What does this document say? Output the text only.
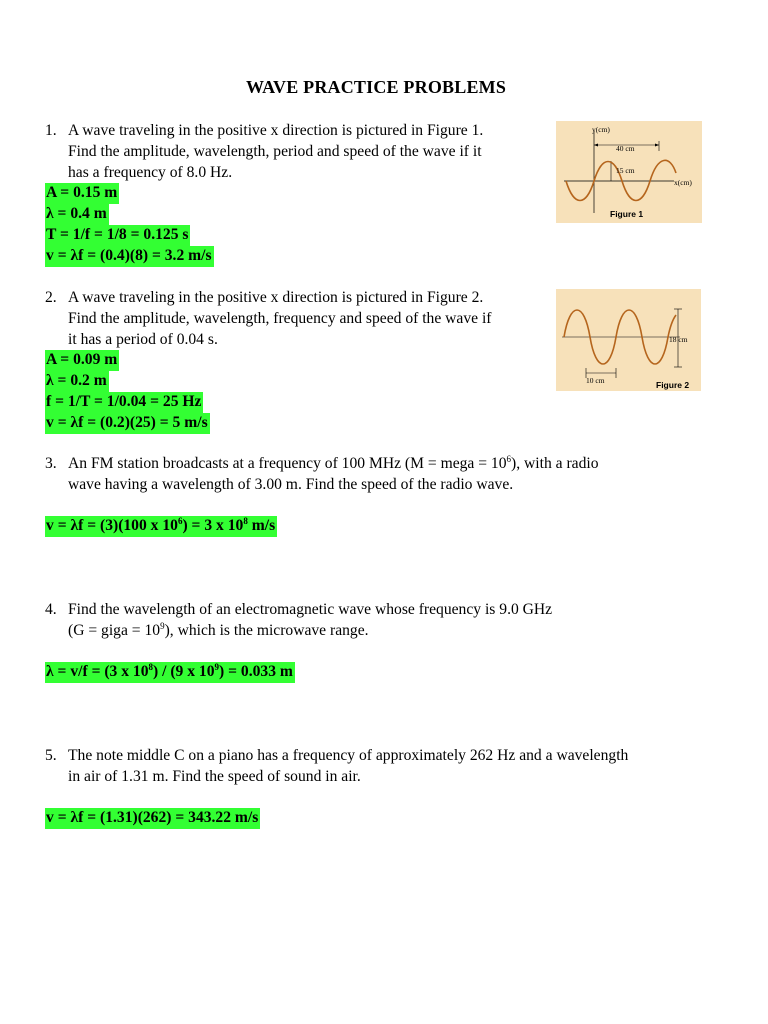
WAVE PRACTICE PROBLEMS
1. A wave traveling in the positive x direction is pictured in Figure 1.
Find the amplitude, wavelength, period and speed of the wave if it
has a frequency of 8.0 Hz.
A = 0.15 m
λ = 0.4 m
T = 1/f = 1/8 = 0.125 s
v = λf = (0.4)(8) = 3.2 m/s
y(cm)
40 cm
15 cm
x(cm)
Figure 1
2. A wave traveling in the positive x direction is pictured in Figure 2.
Find the amplitude, wavelength, frequency and speed of the wave if
it has a period of 0.04 s.
A = 0.09 m
λ = 0.2 m
f = 1/T = 1/0.04 = 25 Hz
v = λf = (0.2)(25) = 5 m/s
18 cm
10 cm	Figure 2
3. An FM station broadcasts at a frequency of 100 MHz (M = mega = $10^6$), with a radio
wave having a wavelength of 3.00 m. Find the speed of the radio wave.
v = λf = (3)(100 x $10^6) = 3$ x $10^8$ m/s
4. Find the wavelength of an electromagnetic wave whose frequency is 9.0 GHz
(G = giga = $10^9$), which is the microwave range.
λ = v/f = (3 x $10^8) / (9$ x $10^9) = 0.033$ m
5. The note middle C on a piano has a frequency of approximately 262 Hz and a wavelength
in air of 1.31 m. Find the speed of sound in air.
v = λf = (1.31)(262) = 343.22 m/s
